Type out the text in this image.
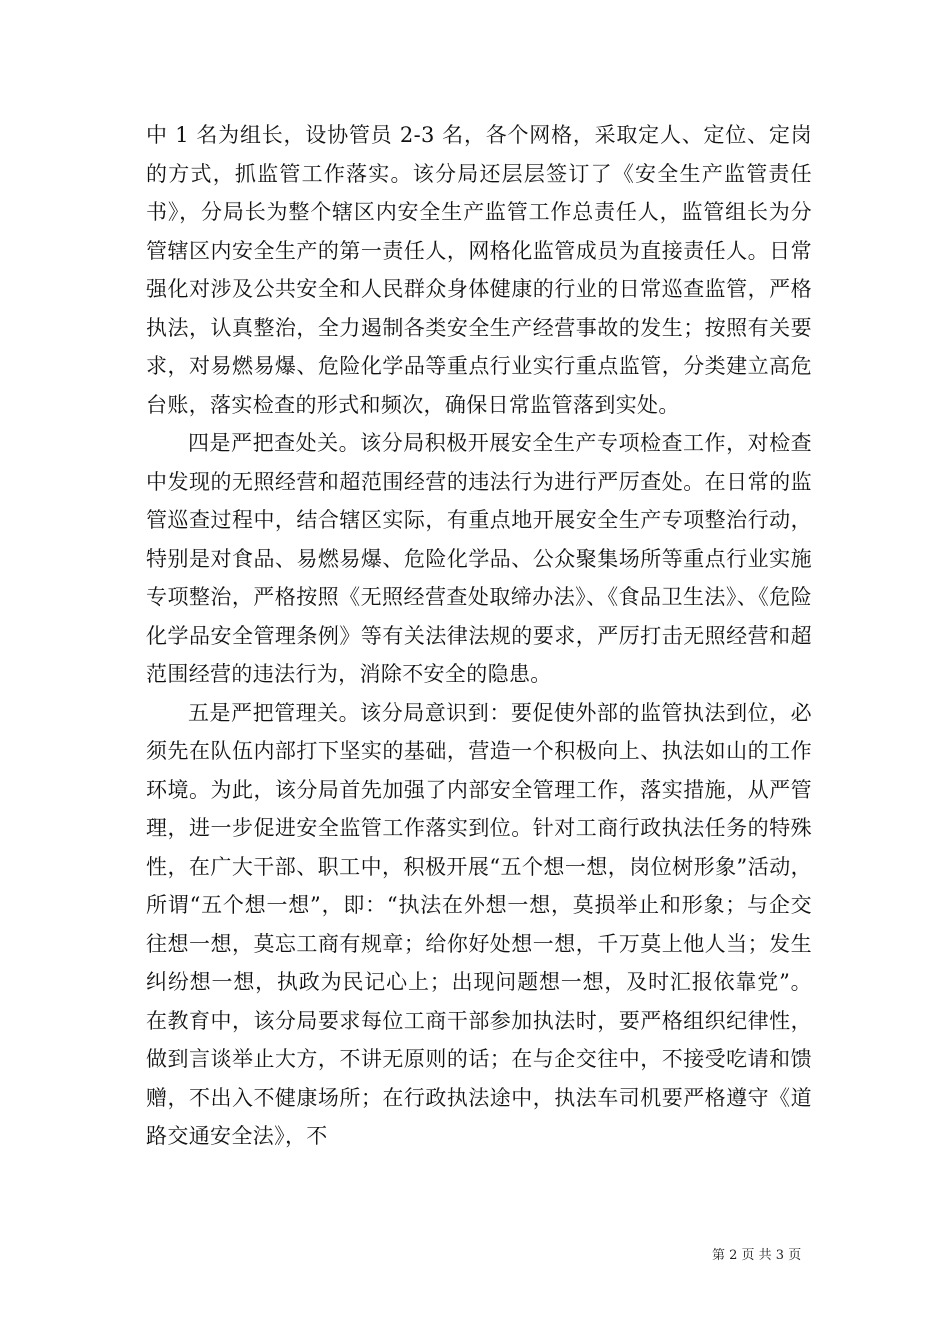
中 1 名为组长，设协管员 2-3 名，各个网格，采取定人、定位、定岗的方式，抓监管工作落实。该分局还层层签订了《安全生产监管责任书》，分局长为整个辖区内安全生产监管工作总责任人，监管组长为分管辖区内安全生产的第一责任人，网格化监管成员为直接责任人。日常强化对涉及公共安全和人民群众身体健康的行业的日常巡查监管，严格执法，认真整治，全力遏制各类安全生产经营事故的发生；按照有关要求，对易燃易爆、危险化学品等重点行业实行重点监管，分类建立高危台账，落实检查的形式和频次，确保日常监管落到实处。

四是严把查处关。该分局积极开展安全生产专项检查工作，对检查中发现的无照经营和超范围经营的违法行为进行严厉查处。在日常的监管巡查过程中，结合辖区实际，有重点地开展安全生产专项整治行动，特别是对食品、易燃易爆、危险化学品、公众聚集场所等重点行业实施专项整治，严格按照《无照经营查处取缔办法》、《食品卫生法》、《危险化学品安全管理条例》等有关法律法规的要求，严厉打击无照经营和超范围经营的违法行为，消除不安全的隐患。

五是严把管理关。该分局意识到：要促使外部的监管执法到位，必须先在队伍内部打下坚实的基础，营造一个积极向上、执法如山的工作环境。为此，该分局首先加强了内部安全管理工作，落实措施，从严管理，进一步促进安全监管工作落实到位。针对工商行政执法任务的特殊性，在广大干部、职工中，积极开展“五个想一想，岗位树形象”活动，所谓“五个想一想”，即：“执法在外想一想，莫损举止和形象；与企交往想一想，莫忘工商有规章；给你好处想一想，千万莫上他人当；发生纠纷想一想，执政为民记心上；出现问题想一想，及时汇报依靠党”。在教育中，该分局要求每位工商干部参加执法时，要严格组织纪律性，做到言谈举止大方，不讲无原则的话；在与企交往中，不接受吃请和馈赠，不出入不健康场所；在行政执法途中，执法车司机要严格遵守《道路交通安全法》，不

第 2 页 共 3 页
